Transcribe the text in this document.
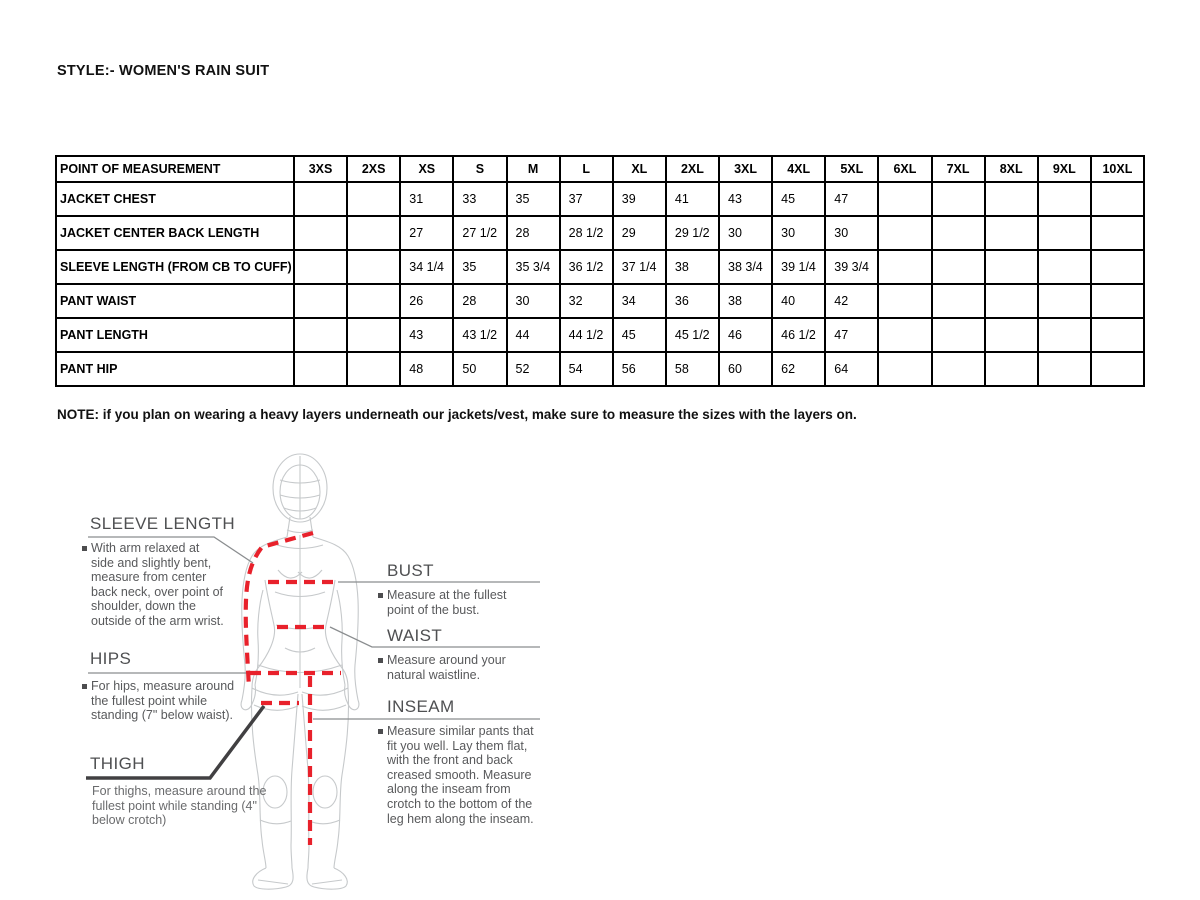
STYLE:- WOMEN'S RAIN SUIT
POINT OF MEASUREMENT	3XS	2XS	XS	S	M	L	XL	2XL	3XL	4XL	5XL	6XL	7XL	8XL	9XL	10XL
JACKET CHEST			31	33	35	37	39	41	43	45	47					
JACKET CENTER BACK LENGTH			27	27 1/2	28	28 1/2	29	29 1/2	30	30	30					
SLEEVE LENGTH (FROM CB TO CUFF)			34 1/4	35	35 3/4	36 1/2	37 1/4	38	38 3/4	39 1/4	39 3/4					
PANT WAIST			26	28	30	32	34	36	38	40	42					
PANT LENGTH			43	43 1/2	44	44 1/2	45	45 1/2	46	46 1/2	47					
PANT HIP			48	50	52	54	56	58	60	62	64					
NOTE: if you plan on wearing a heavy layers underneath our jackets/vest, make sure to measure the sizes with the layers on.
SLEEVE LENGTH
With arm relaxed at side and slightly bent, measure from center back neck, over point of shoulder, down the outside of the arm wrist.
HIPS
For hips, measure around the fullest point while standing (7" below waist).
THIGH
For thighs, measure around the fullest point while standing (4" below crotch)
BUST
Measure at the fullest point of the bust.
WAIST
Measure around your natural waistline.
INSEAM
Measure similar pants that fit you well. Lay them flat, with the front and back creased smooth. Measure along the inseam from crotch to the bottom of the leg hem along the inseam.
